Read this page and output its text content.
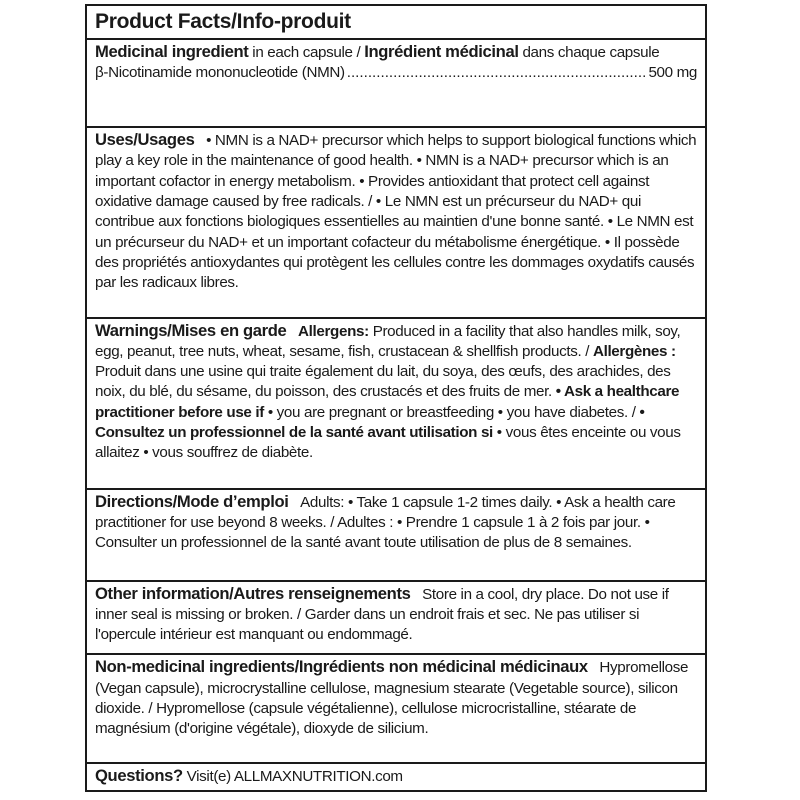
Product Facts/Info-produit
Medicinal ingredient in each capsule / Ingrédient médicinal dans chaque capsule
β-Nicotinamide mononucleotide (NMN)
.....	500 mg
Uses/Usages • NMN is a NAD+ precursor which helps to support biological functions which play a key role in the maintenance of good health. • NMN is a NAD+ precursor which is an important cofactor in energy metabolism. • Provides antioxidant that protect cell against oxidative damage caused by free radicals. / • Le NMN est un précurseur du NAD+ qui contribue aux fonctions biologiques essentielles au maintien d'une bonne santé. • Le NMN est un précurseur du NAD+ et un important cofacteur du métabolisme énergétique. • Il possède des propriétés antioxydantes qui protègent les cellules contre les dommages oxydatifs causés par les radicaux libres.
Warnings/Mises en garde Allergens: Produced in a facility that also handles milk, soy, egg, peanut, tree nuts, wheat, sesame, fish, crustacean & shellfish products. / Allergènes : Produit dans une usine qui traite également du lait, du soya, des œufs, des arachides, des noix, du blé, du sésame, du poisson, des crustacés et des fruits de mer. • Ask a healthcare practitioner before use if • you are pregnant or breastfeeding • you have diabetes. / • Consultez un professionnel de la santé avant utilisation si • vous êtes enceinte ou vous allaitez • vous souffrez de diabète.
Directions/Mode d’emploi Adults: • Take 1 capsule 1-2 times daily. • Ask a health care practitioner for use beyond 8 weeks. / Adultes : • Prendre 1 capsule 1 à 2 fois par jour. • Consulter un professionnel de la santé avant toute utilisation de plus de 8 semaines.
Other information/Autres renseignements Store in a cool, dry place. Do not use if inner seal is missing or broken. / Garder dans un endroit frais et sec. Ne pas utiliser si l'opercule intérieur est manquant ou endommagé.
Non-medicinal ingredients/Ingrédients non médicinal médicinaux Hypromellose (Vegan capsule), microcrystalline cellulose, magnesium stearate (Vegetable source), silicon dioxide. / Hypromellose (capsule végétalienne), cellulose microcristalline, stéarate de magnésium (d'origine végétale), dioxyde de silicium.
Questions? Visit(e) ALLMAXNUTRITION.com
